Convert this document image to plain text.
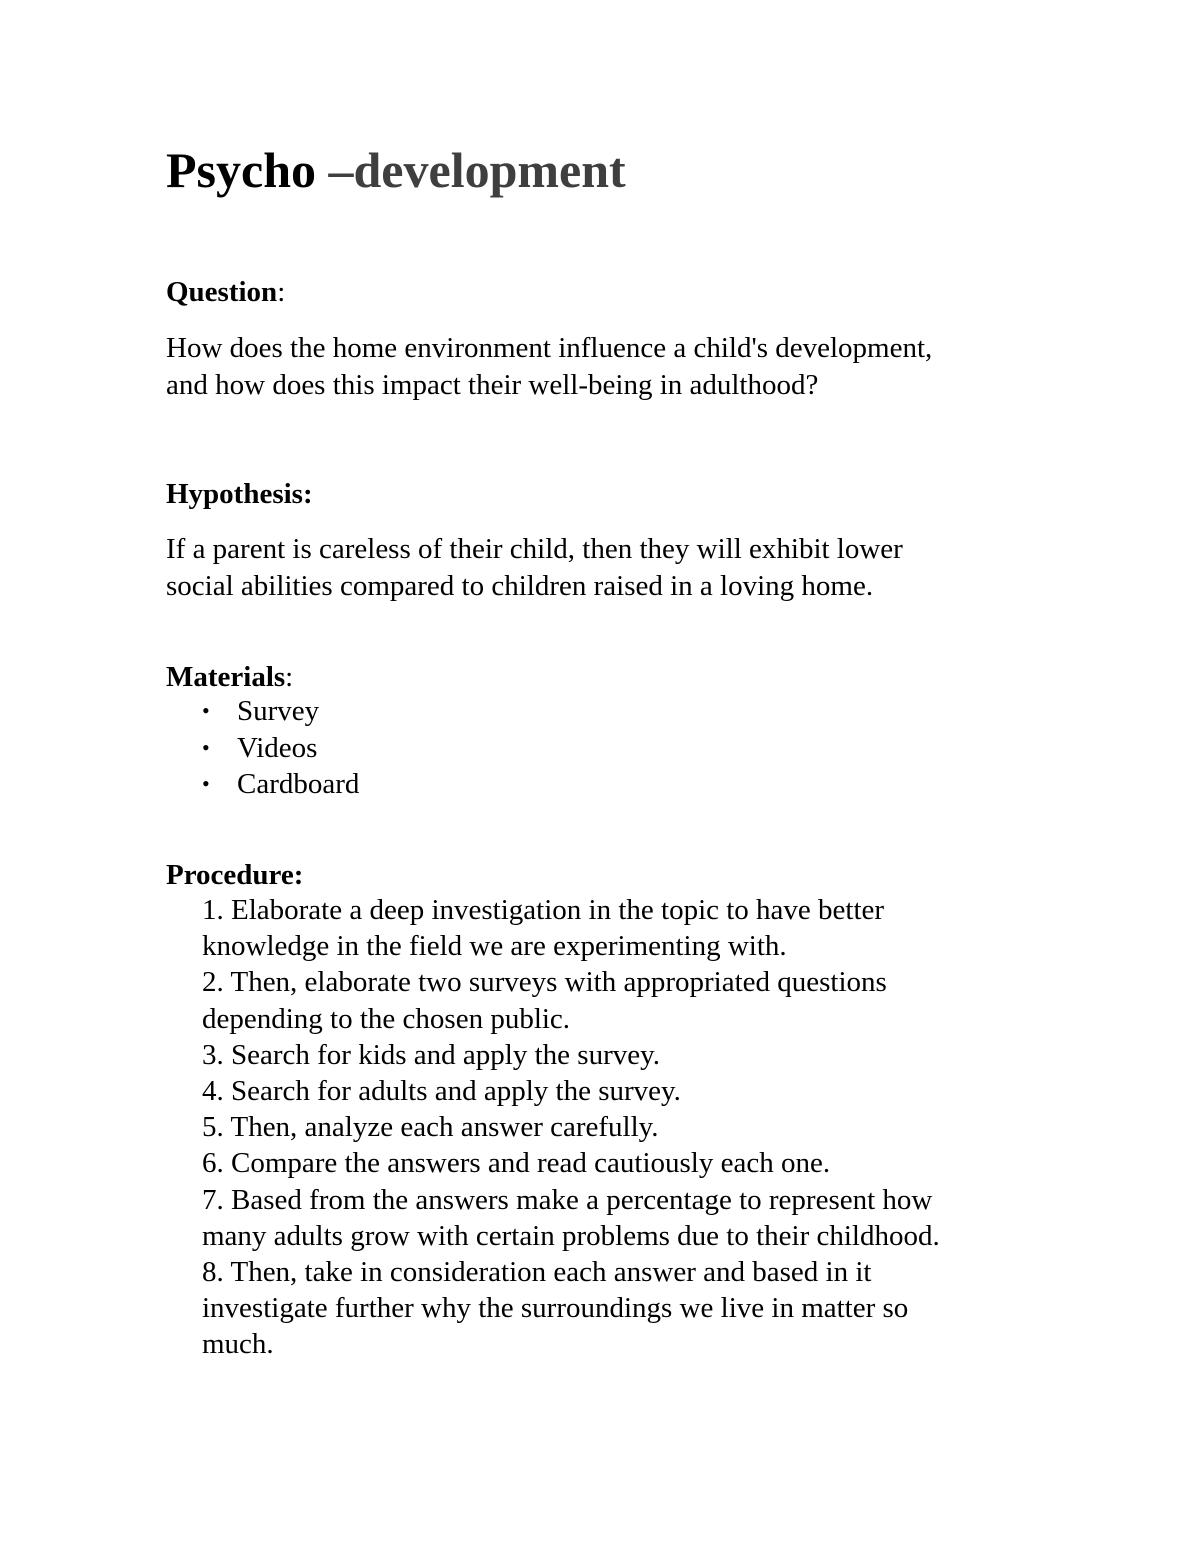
Psycho –development

Question:

How does the home environment influence a child's development,
and how does this impact their well-being in adulthood?

Hypothesis:

If a parent is careless of their child, then they will exhibit lower
social abilities compared to children raised in a loving home.

Materials:

• Survey
• Videos
• Cardboard

Procedure:

1. Elaborate a deep investigation in the topic to have better
knowledge in the field we are experimenting with.
2. Then, elaborate two surveys with appropriated questions
depending to the chosen public.
3. Search for kids and apply the survey.
4. Search for adults and apply the survey.
5. Then, analyze each answer carefully.
6. Compare the answers and read cautiously each one.
7. Based from the answers make a percentage to represent how
many adults grow with certain problems due to their childhood.
8. Then, take in consideration each answer and based in it
investigate further why the surroundings we live in matter so
much.
